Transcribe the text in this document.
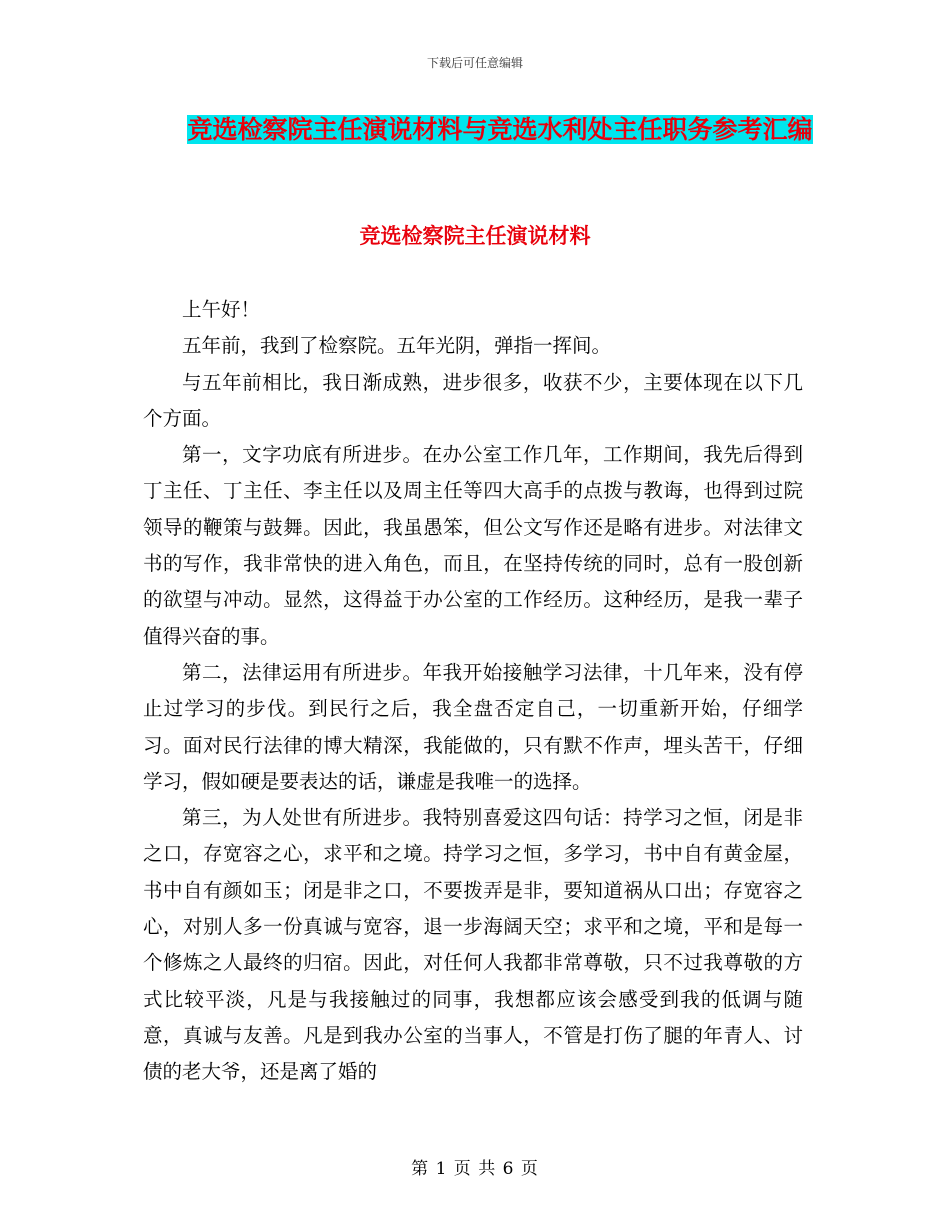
下载后可任意编辑
竞选检察院主任演说材料与竞选水利处主任职务参考汇编
竞选检察院主任演说材料

上午好！

五年前，我到了检察院。五年光阴，弹指一挥间。

与五年前相比，我日渐成熟，进步很多，收获不少，主要体现在以下几个方面。

第一，文字功底有所进步。在办公室工作几年，工作期间，我先后得到丁主任、丁主任、李主任以及周主任等四大高手的点拨与教诲，也得到过院领导的鞭策与鼓舞。因此，我虽愚笨，但公文写作还是略有进步。对法律文书的写作，我非常快的进入角色，而且，在坚持传统的同时，总有一股创新的欲望与冲动。显然，这得益于办公室的工作经历。这种经历，是我一辈子值得兴奋的事。

第二，法律运用有所进步。年我开始接触学习法律，十几年来，没有停止过学习的步伐。到民行之后，我全盘否定自己，一切重新开始，仔细学习。面对民行法律的博大精深，我能做的，只有默不作声，埋头苦干，仔细学习，假如硬是要表达的话，谦虚是我唯一的选择。

第三，为人处世有所进步。我特别喜爱这四句话：持学习之恒，闭是非之口，存宽容之心，求平和之境。持学习之恒，多学习，书中自有黄金屋，书中自有颜如玉；闭是非之口，不要拨弄是非，要知道祸从口出；存宽容之心，对别人多一份真诚与宽容，退一步海阔天空；求平和之境，平和是每一个修炼之人最终的归宿。因此，对任何人我都非常尊敬，只不过我尊敬的方式比较平淡，凡是与我接触过的同事，我想都应该会感受到我的低调与随意，真诚与友善。凡是到我办公室的当事人，不管是打伤了腿的年青人、讨债的老大爷，还是离了婚的

第 1 页 共 6 页
